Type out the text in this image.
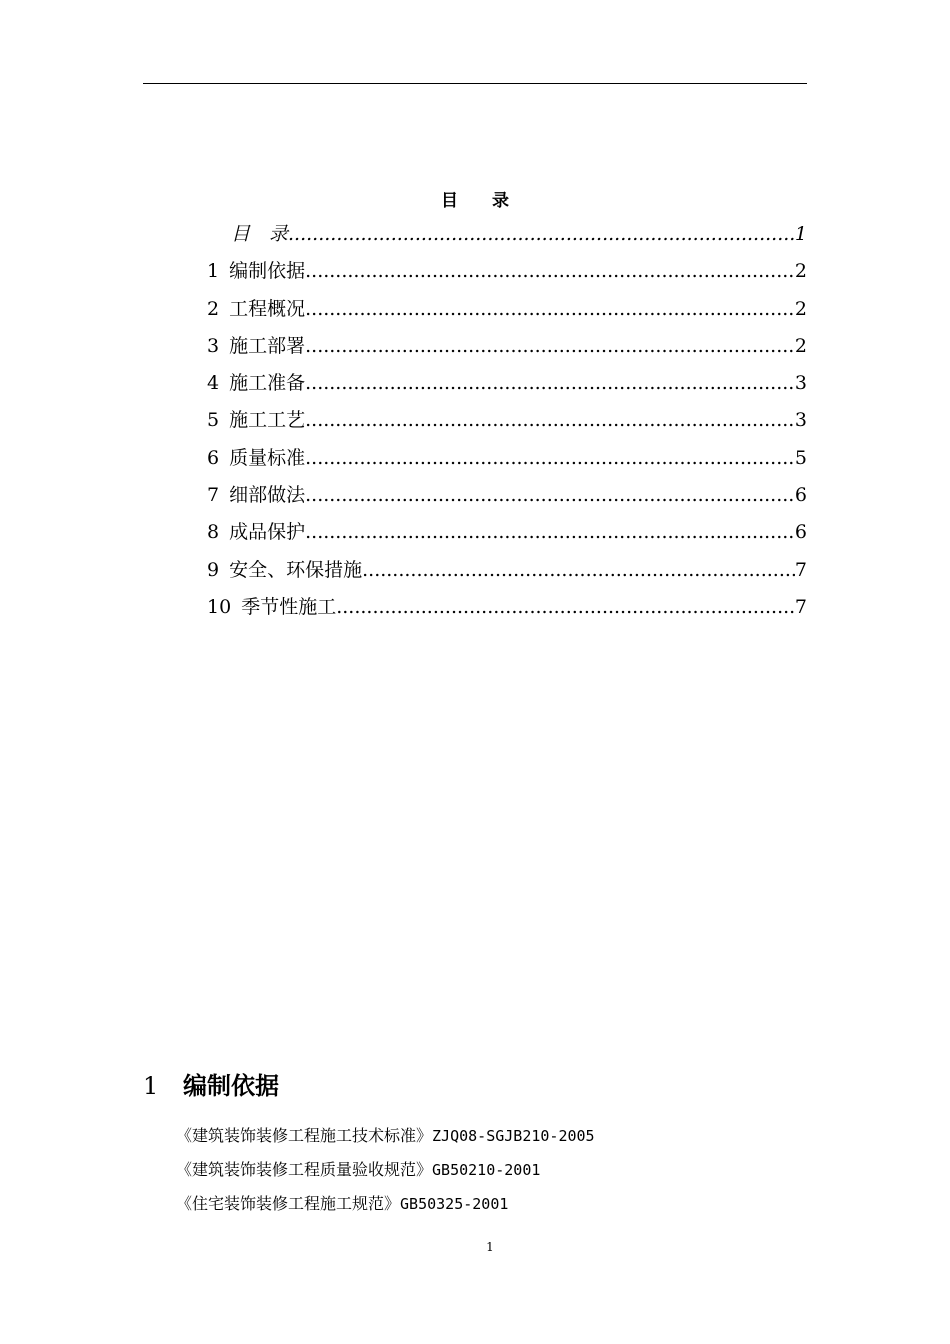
目　　录
目　录 .....	1
1 编制依据 .....	2
2 工程概况 .....	2
3 施工部署 .....	2
4 施工准备 .....	3
5 施工工艺 .....	3
6 质量标准 .....	5
7 细部做法 .....	6
8 成品保护 .....	6
9 安全、环保措施 .....	7
10 季节性施工 .....	7
1 编制依据
《建筑装饰装修工程施工技术标准》ZJQ08-SGJB210-2005
《建筑装饰装修工程质量验收规范》GB50210-2001
《住宅装饰装修工程施工规范》GB50325-2001
1
